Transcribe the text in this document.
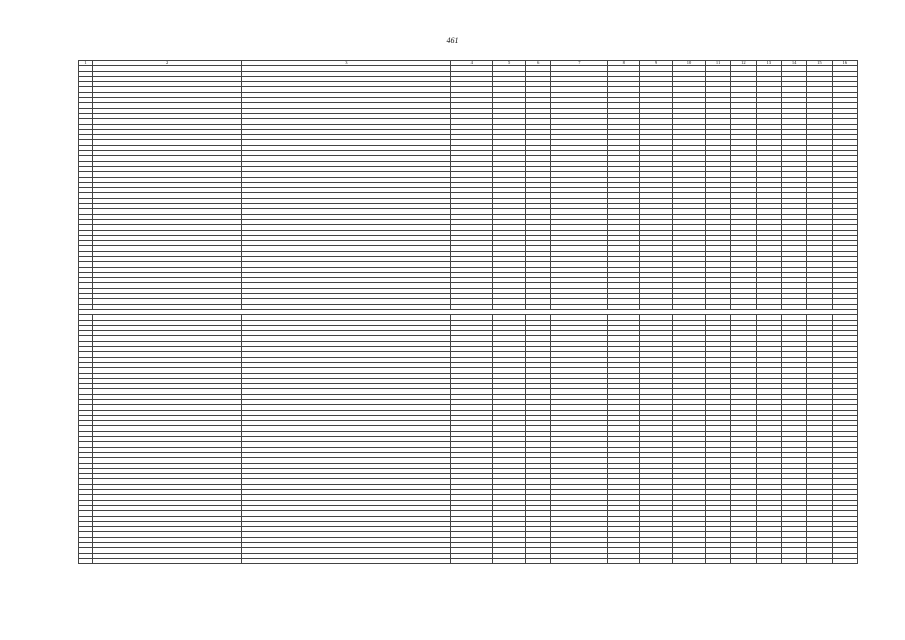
461
1	2	3	4	5	6	7	8	9	10	11	12	13	14	15	16
